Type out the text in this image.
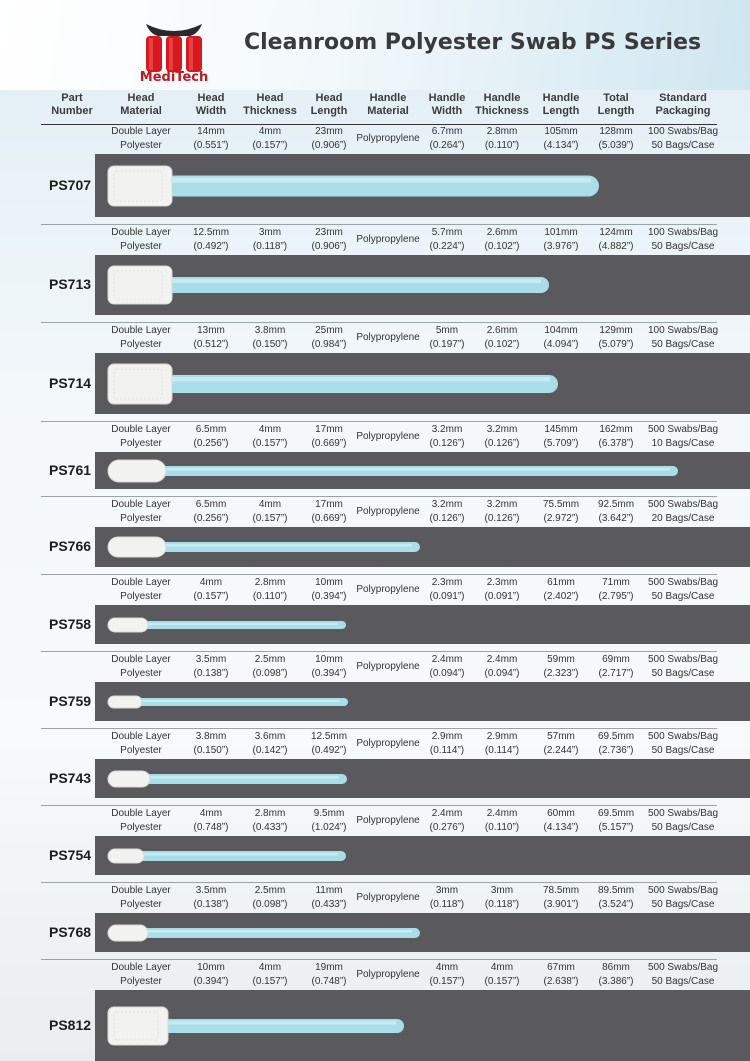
MediTech
Cleanroom Polyester Swab PS Series
Part
Number
Head
Material
Head
Width
Head
Thickness
Head
Length
Handle
Material
Handle
Width
Handle
Thickness
Handle
Length
Total
Length
Standard
Packaging
Double Layer
Polyester
14mm
(0.551”)
4mm
(0.157”)
23mm
(0.906”)
Polypropylene
6.7mm
(0.264”)
2.8mm
(0.110”)
105mm
(4.134”)
128mm
(5.039”)
100 Swabs/Bag
50 Bags/Case
PS707
Double Layer
Polyester
12.5mm
(0.492”)
3mm
(0.118”)
23mm
(0.906”)
Polypropylene
5.7mm
(0.224”)
2.6mm
(0.102”)
101mm
(3.976”)
124mm
(4.882”)
100 Swabs/Bag
50 Bags/Case
PS713
Double Layer
Polyester
13mm
(0.512”)
3.8mm
(0.150”)
25mm
(0.984”)
Polypropylene
5mm
(0.197”)
2.6mm
(0.102”)
104mm
(4.094”)
129mm
(5.079”)
100 Swabs/Bag
50 Bags/Case
PS714
Double Layer
Polyester
6.5mm
(0.256”)
4mm
(0.157”)
17mm
(0.669”)
Polypropylene
3.2mm
(0.126”)
3.2mm
(0.126”)
145mm
(5.709”)
162mm
(6.378”)
500 Swabs/Bag
10 Bags/Case
PS761
Double Layer
Polyester
6.5mm
(0.256”)
4mm
(0.157”)
17mm
(0.669”)
Polypropylene
3.2mm
(0.126”)
3.2mm
(0.126”)
75.5mm
(2.972”)
92.5mm
(3.642”)
500 Swabs/Bag
20 Bags/Case
PS766
Double Layer
Polyester
4mm
(0.157”)
2.8mm
(0.110”)
10mm
(0.394”)
Polypropylene
2.3mm
(0.091”)
2.3mm
(0.091”)
61mm
(2.402”)
71mm
(2.795”)
500 Swabs/Bag
50 Bags/Case
PS758
Double Layer
Polyester
3.5mm
(0.138”)
2.5mm
(0.098”)
10mm
(0.394”)
Polypropylene
2.4mm
(0.094”)
2.4mm
(0.094”)
59mm
(2.323”)
69mm
(2.717”)
500 Swabs/Bag
50 Bags/Case
PS759
Double Layer
Polyester
3.8mm
(0.150”)
3.6mm
(0.142”)
12.5mm
(0.492”)
Polypropylene
2.9mm
(0.114”)
2.9mm
(0.114”)
57mm
(2.244”)
69.5mm
(2.736”)
500 Swabs/Bag
50 Bags/Case
PS743
Double Layer
Polyester
4mm
(0.748”)
2.8mm
(0.433”)
9.5mm
(1.024”)
Polypropylene
2.4mm
(0.276”)
2.4mm
(0.110”)
60mm
(4.134”)
69.5mm
(5.157”)
500 Swabs/Bag
50 Bags/Case
PS754
Double Layer
Polyester
3.5mm
(0.138”)
2.5mm
(0.098”)
11mm
(0.433”)
Polypropylene
3mm
(0.118”)
3mm
(0.118”)
78.5mm
(3.901”)
89.5mm
(3.524”)
500 Swabs/Bag
50 Bags/Case
PS768
Double Layer
Polyester
10mm
(0.394”)
4mm
(0.157”)
19mm
(0.748”)
Polypropylene
4mm
(0.157”)
4mm
(0.157”)
67mm
(2.638”)
86mm
(3.386”)
500 Swabs/Bag
50 Bags/Case
PS812
